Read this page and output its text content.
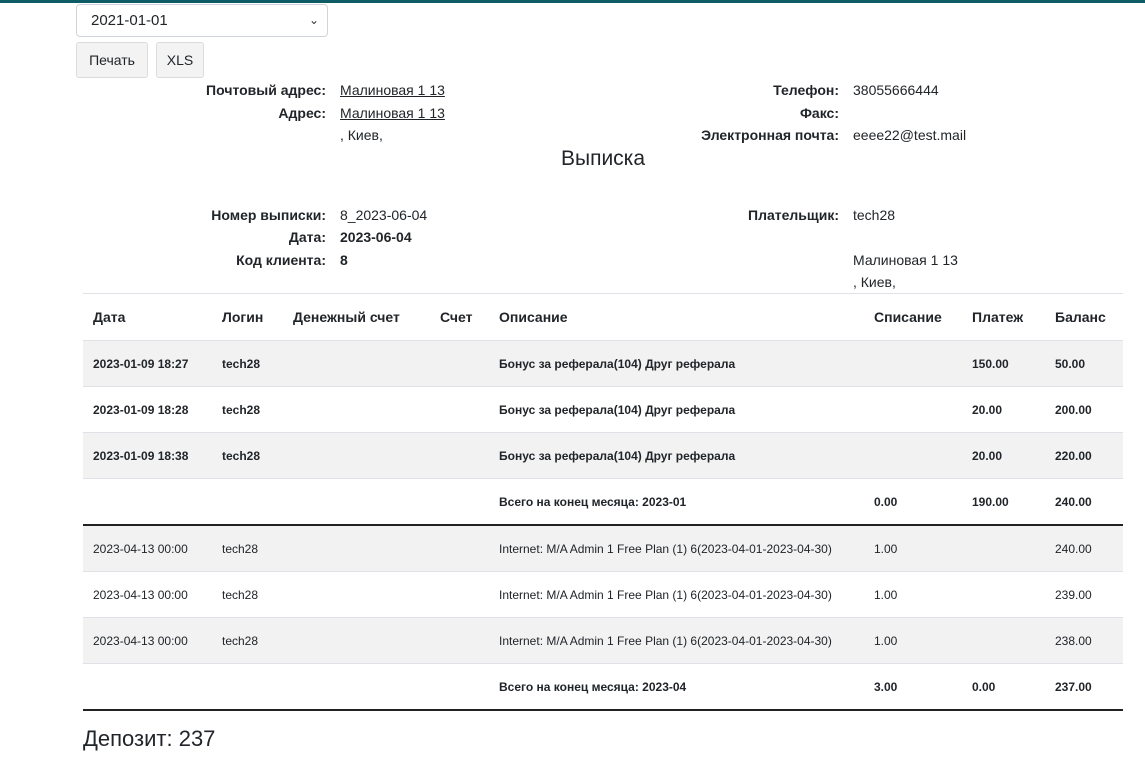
2021-01-01	⌄
Печать	XLS
Почтовый адрес: Малиновая 1 13
Адрес: Малиновая 1 13
, Киев,
Телефон: 38055666444
Факс:
Электронная почта: eeee22@test.mail
Выписка
Номер выписки: 8_2023-06-04
Дата: 2023-06-04
Код клиента: 8
Плательщик: tech28
Малиновая 1 13
, Киев,
Дата	Логин	Денежный счет	Счет	Описание	Списание	Платеж	Баланс
2023-01-09 18:27	tech28			Бонус за реферала(104) Друг реферала		150.00	50.00
2023-01-09 18:28	tech28			Бонус за реферала(104) Друг реферала		20.00	200.00
2023-01-09 18:38	tech28			Бонус за реферала(104) Друг реферала		20.00	220.00
				Всего на конец месяца: 2023-01	0.00	190.00	240.00
2023-04-13 00:00	tech28			Internet: M/A Admin 1 Free Plan (1) 6(2023-04-01-2023-04-30)	1.00		240.00
2023-04-13 00:00	tech28			Internet: M/A Admin 1 Free Plan (1) 6(2023-04-01-2023-04-30)	1.00		239.00
2023-04-13 00:00	tech28			Internet: M/A Admin 1 Free Plan (1) 6(2023-04-01-2023-04-30)	1.00		238.00
				Всего на конец месяца: 2023-04	3.00	0.00	237.00
Депозит: 237
